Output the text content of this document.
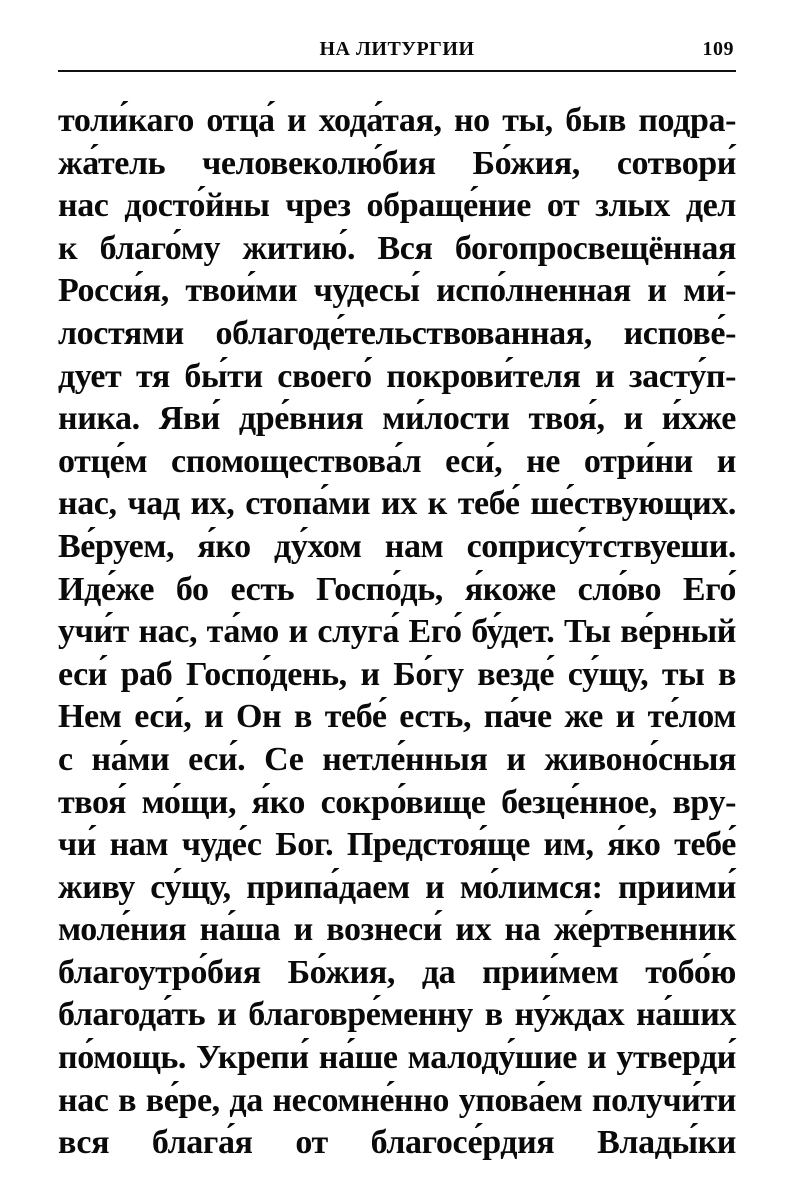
НА ЛИТУРГИИ	109
толи́каго отца́ и хода́тая, но ты, быв подра-
жа́тель человеколю́бия Бо́жия, сотвори́
нас досто́йны чрез обраще́ние от злых дел
к благо́му житию́. Вся богопросвещённая
Росси́я, твои́ми чудесы́ испо́лненная и ми́-
лостями облагоде́тельствованная, испове́-
дует тя бы́ти своего́ покрови́теля и засту́п-
ника. Яви́ дре́вния ми́лости твоя́, и и́хже
отце́м спомоществова́л еси́, не отри́ни и
нас, чад их, стопа́ми их к тебе́ ше́ствующих.
Ве́руем, я́ко ду́хом нам сопрису́тствуеши.
Иде́же бо есть Госпо́дь, я́коже сло́во Его́
учи́т нас, та́мо и слуга́ Его́ бу́дет. Ты ве́рный
еси́ раб Госпо́день, и Бо́гу везде́ су́щу, ты в
Нем еси́, и Он в тебе́ есть, па́че же и те́лом
с на́ми еси́. Се нетле́нныя и живоно́сныя
твоя́ мо́щи, я́ко сокро́вище безце́нное, вру-
чи́ нам чуде́с Бог. Предстоя́ще им, я́ко тебе́
живу су́щу, припа́даем и мо́лимся: приими́
моле́ния на́ша и вознеси́ их на же́ртвенник
благоутро́бия Бо́жия, да прии́мем тобо́ю
благода́ть и благовре́менну в ну́ждах на́ших
по́мощь. Укрепи́ на́ше малоду́шие и утверди́
нас в ве́ре, да несомне́нно упова́ем получи́ти
вся блага́я от благосе́рдия Влады́ки
